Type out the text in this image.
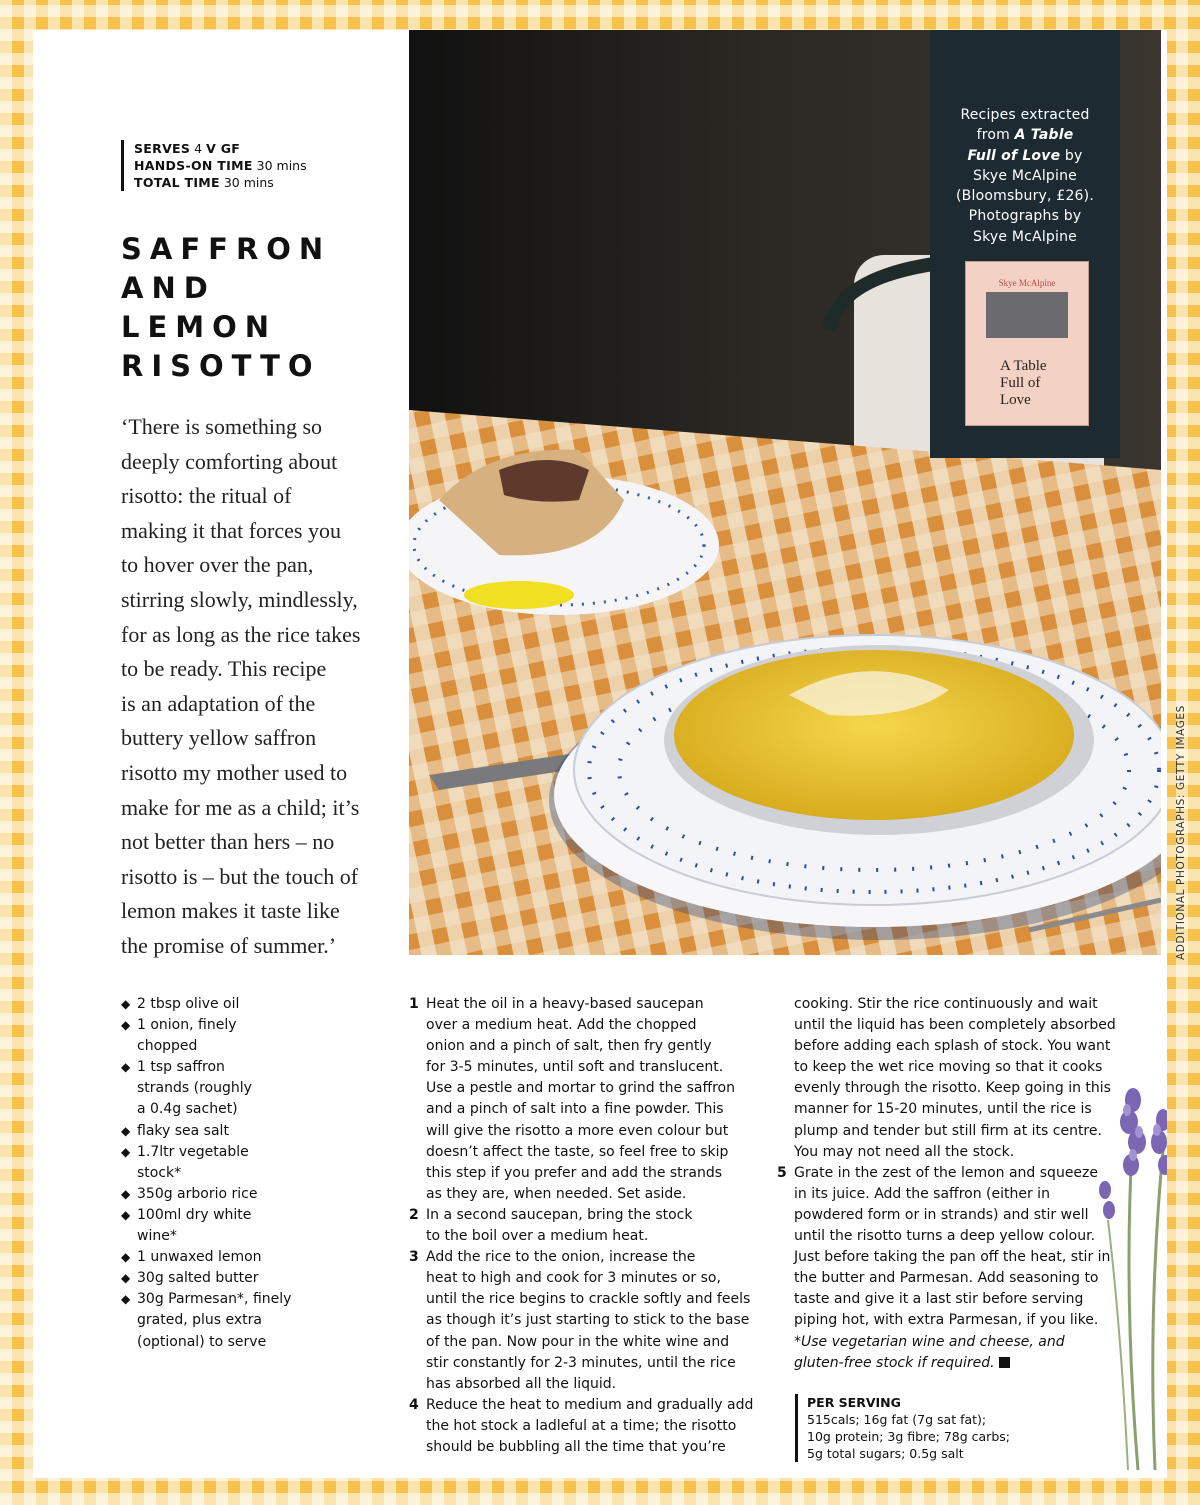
SERVES 4 V GF
HANDS-ON TIME 30 mins
TOTAL TIME 30 mins
SAFFRON
AND
LEMON
RISOTTO
‘There is something so
deeply comforting about
risotto: the ritual of
making it that forces you
to hover over the pan,
stirring slowly, mindlessly,
for as long as the rice takes
to be ready. This recipe
is an adaptation of the
buttery yellow saffron
risotto my mother used to
make for me as a child; it’s
not better than hers – no
risotto is – but the touch of
lemon makes it taste like
the promise of summer.’
Recipes extracted
from A Table
Full of Love by
Skye McAlpine
(Bloomsbury, £26).
Photographs by
Skye McAlpine
Skye McAlpine
A Table
Full of
Love
ADDITIONAL PHOTOGRAPHS: GETTY IMAGES
◆ 2 tbsp olive oil
◆ 1 onion, finely
chopped
◆ 1 tsp saffron
strands (roughly
a 0.4g sachet)
◆ flaky sea salt
◆ 1.7ltr vegetable
stock*
◆ 350g arborio rice
◆ 100ml dry white
wine*
◆ 1 unwaxed lemon
◆ 30g salted butter
◆ 30g Parmesan*, finely
grated, plus extra
(optional) to serve
1 Heat the oil in a heavy-based saucepan
over a medium heat. Add the chopped
onion and a pinch of salt, then fry gently
for 3-5 minutes, until soft and translucent.
Use a pestle and mortar to grind the saffron
and a pinch of salt into a fine powder. This
will give the risotto a more even colour but
doesn’t affect the taste, so feel free to skip
this step if you prefer and add the strands
as they are, when needed. Set aside.
2 In a second saucepan, bring the stock
to the boil over a medium heat.
3 Add the rice to the onion, increase the
heat to high and cook for 3 minutes or so,
until the rice begins to crackle softly and feels
as though it’s just starting to stick to the base
of the pan. Now pour in the white wine and
stir constantly for 2-3 minutes, until the rice
has absorbed all the liquid.
4 Reduce the heat to medium and gradually add
the hot stock a ladleful at a time; the risotto
should be bubbling all the time that you’re
cooking. Stir the rice continuously and wait
until the liquid has been completely absorbed
before adding each splash of stock. You want
to keep the wet rice moving so that it cooks
evenly through the risotto. Keep going in this
manner for 15-20 minutes, until the rice is
plump and tender but still firm at its centre.
You may not need all the stock.
5 Grate in the zest of the lemon and squeeze
in its juice. Add the saffron (either in
powdered form or in strands) and stir well
until the risotto turns a deep yellow colour.
Just before taking the pan off the heat, stir in
the butter and Parmesan. Add seasoning to
taste and give it a last stir before serving
piping hot, with extra Parmesan, if you like.
*Use vegetarian wine and cheese, and
gluten-free stock if required.
PER SERVING
515cals; 16g fat (7g sat fat);
10g protein; 3g fibre; 78g carbs;
5g total sugars; 0.5g salt
